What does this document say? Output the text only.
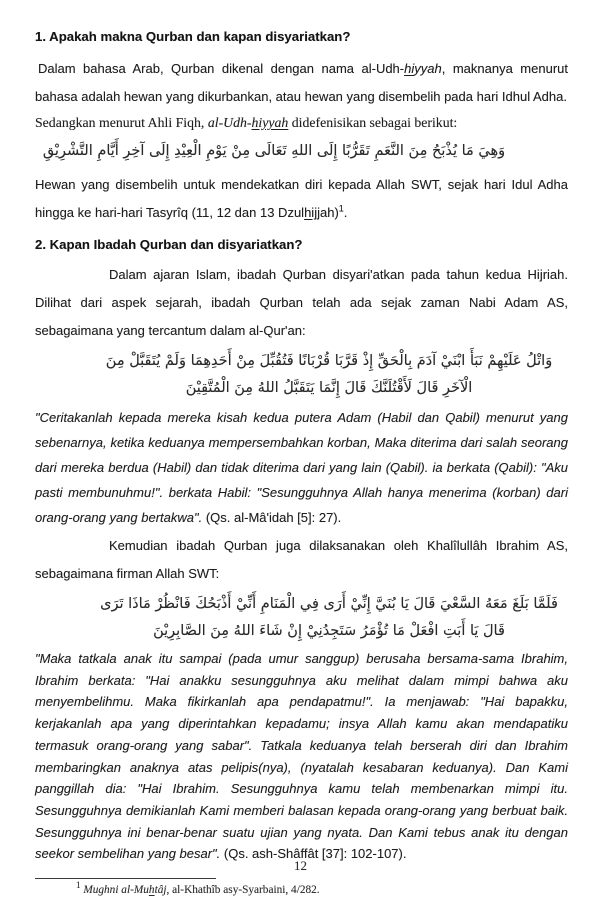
1. Apakah makna Qurban dan kapan disyariatkan?

Dalam bahasa Arab, Qurban dikenal dengan nama al-Udh-hiyyah, maknanya menurut bahasa adalah hewan yang dikurbankan, atau hewan yang disembelih pada hari Idhul Adha.

Sedangkan menurut Ahli Fiqh, al-Udh-hiyyah didefenisikan sebagai berikut:

وَهِيَ مَا يُذْبَحُ مِنَ النَّعَمِ تَقَرُّبًا إِلَى اللهِ تَعَالَى مِنْ يَوْمِ الْعِيْدِ إِلَى آخِرِ أَيَّامِ التَّشْرِيْقِ

Hewan yang disembelih untuk mendekatkan diri kepada Allah SWT, sejak hari Idul Adha hingga ke hari-hari Tasyrîq (11, 12 dan 13 Dzulhijjah)$^1$.

2. Kapan Ibadah Qurban dan disyariatkan?

Dalam ajaran Islam, ibadah Qurban disyari'atkan pada tahun kedua Hijriah. Dilihat dari aspek sejarah, ibadah Qurban telah ada sejak zaman Nabi Adam AS, sebagaimana yang tercantum dalam al-Qur'an:

وَاتْلُ عَلَيْهِمْ نَبَأَ ابْنَيْ آدَمَ بِالْحَقِّ إِذْ قَرَّبَا قُرْبَانًا فَتُقُبِّلَ مِنْ أَحَدِهِمَا وَلَمْ يُتَقَبَّلْ مِنَ الْآخَرِ قَالَ لَأَقْتُلَنَّكَ قَالَ إِنَّمَا يَتَقَبَّلُ اللهُ مِنَ الْمُتَّقِيْنَ

"Ceritakanlah kepada mereka kisah kedua putera Adam (Habil dan Qabil) menurut yang sebenarnya, ketika keduanya mempersembahkan korban, Maka diterima dari salah seorang dari mereka berdua (Habil) dan tidak diterima dari yang lain (Qabil). ia berkata (Qabil): "Aku pasti membunuhmu!". berkata Habil: "Sesungguhnya Allah hanya menerima (korban) dari orang-orang yang bertakwa". (Qs. al-Mâ'idah [5]: 27).

Kemudian ibadah Qurban juga dilaksanakan oleh Khalîlullâh Ibrahim AS, sebagaimana firman Allah SWT:

فَلَمَّا بَلَغَ مَعَهُ السَّعْيَ قَالَ يَا بُنَيَّ إِنِّيْ أَرَى فِي الْمَنَامِ أَنِّيْ أَذْبَحُكَ فَانْظُرْ مَاذَا تَرَى قَالَ يَا أَبَتِ افْعَلْ مَا تُؤْمَرُ سَتَجِدُنِيْ إِنْ شَاءَ اللهُ مِنَ الصَّابِرِيْنَ

"Maka tatkala anak itu sampai (pada umur sanggup) berusaha bersama-sama Ibrahim, Ibrahim berkata: "Hai anakku sesungguhnya aku melihat dalam mimpi bahwa aku menyembelihmu. Maka fikirkanlah apa pendapatmu!". Ia menjawab: "Hai bapakku, kerjakanlah apa yang diperintahkan kepadamu; insya Allah kamu akan mendapatiku termasuk orang-orang yang sabar". Tatkala keduanya telah berserah diri dan Ibrahim membaringkan anaknya atas pelipis(nya), (nyatalah kesabaran keduanya). Dan Kami panggillah dia: "Hai Ibrahim. Sesungguhnya kamu telah membenarkan mimpi itu. Sesungguhnya demikianlah Kami memberi balasan kepada orang-orang yang berbuat baik. Sesungguhnya ini benar-benar suatu ujian yang nyata. Dan Kami tebus anak itu dengan seekor sembelihan yang besar". (Qs. ash-Shâffât [37]: 102-107).

$^1$ Mughni al-Muhtâj, al-Khathîb asy-Syarbaini, 4/282.

12
